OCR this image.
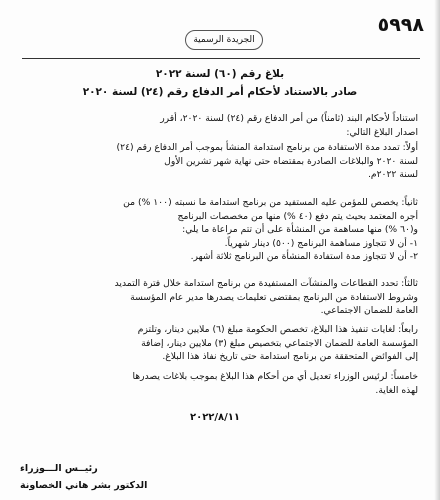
٥٩٩٨
الجريدة الرسمية
بلاغ رقم (٦٠) لسنة ٢٠٢٢
صادر بالاستناد لأحكام أمر الدفاع رقم (٢٤) لسنة ٢٠٢٠

استناداً لأحكام البند (ثامناً) من أمر الدفاع رقم (٢٤) لسنة ٢٠٢٠، أقرر

اصدار البلاغ التالي:

أولاً: تمدد مدة الاستفادة من برنامج استدامة المنشأ بموجب أمر الدفاع رقم (٢٤)

لسنة ٢٠٢٠ والبلاغات الصادرة بمقتضاه حتى نهاية شهر تشرين الأول

لسنة ٢٠٢٢م.

ثانياً: يخصص للمؤمن عليه المستفيد من برنامج استدامة ما نسبته (١٠٠ %) من

أجره المعتمد بحيث يتم دفع (٤٠ %) منها من مخصصات البرنامج

و(٦٠ %) منها مساهمة من المنشأة على أن تتم مراعاة ما يلي:

١- أن لا تتجاوز مساهمة البرنامج (٥٠٠) دينار شهرياً.

٢- أن لا تتجاوز مدة استفادة المنشأة من البرنامج ثلاثة أشهر.

ثالثاً: تحدد القطاعات والمنشآت المستفيدة من برنامج استدامة خلال فترة التمديد

وشروط الاستفادة من البرنامج بمقتضى تعليمات يصدرها مدير عام المؤسسة

العامة للضمان الاجتماعي.

رابعاً: لغايات تنفيذ هذا البلاغ، تخصص الحكومة مبلغ (٦) ملايين دينار، وتلتزم

المؤسسة العامة للضمان الاجتماعي بتخصيص مبلغ (٣) ملايين دينار، إضافة

إلى الفوائض المتحققة من برنامج استدامة حتى تاريخ نفاذ هذا البلاغ.

خامساً: لرئيس الوزراء تعديل أي من أحكام هذا البلاغ بموجب بلاغات يصدرها

لهذه الغاية.

٢٠٢٢/٨/١١
رئيــس الـــوزراء
الدكتور بشر هاني الخصاونة
